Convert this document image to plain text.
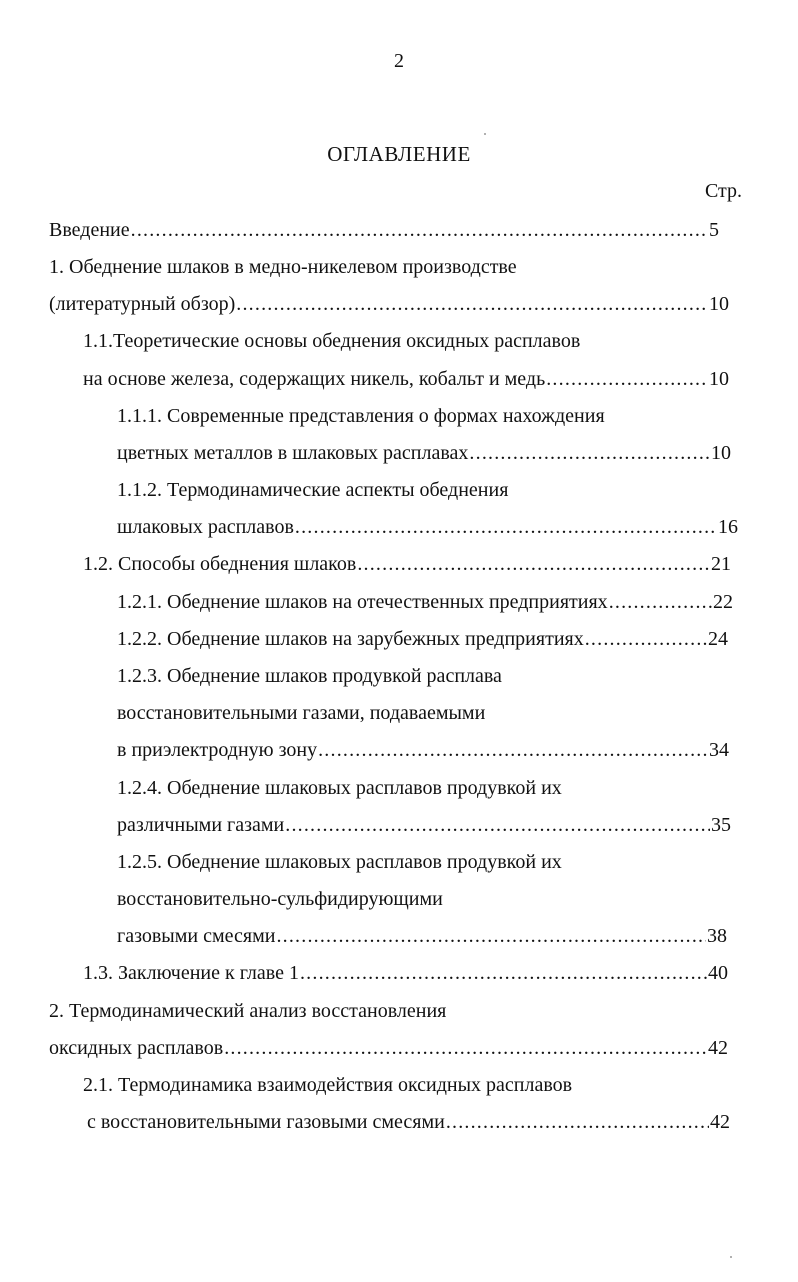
2
ОГЛАВЛЕНИЕ
Стр.
Введение .....	5
1. Обеднение шлаков в медно-никелевом производстве
(литературный обзор) .....	10
1.1.Теоретические основы обеднения оксидных расплавов
на основе железа, содержащих никель, кобальт и медь .....	10
1.1.1. Современные представления о формах нахождения
цветных металлов в шлаковых расплавах .....	10
1.1.2. Термодинамические аспекты обеднения
шлаковых расплавов .....	16
1.2. Способы обеднения шлаков .....	21
1.2.1. Обеднение шлаков на отечественных предприятиях .....	22
1.2.2. Обеднение шлаков на зарубежных предприятиях .....	24
1.2.3. Обеднение шлаков продувкой расплава
восстановительными газами, подаваемыми
в приэлектродную зону .....	34
1.2.4. Обеднение шлаковых расплавов продувкой их
различными газами .....	35
1.2.5. Обеднение шлаковых расплавов продувкой их
восстановительно-сульфидирующими
газовыми смесями .....	38
1.3. Заключение к главе 1 .....	40
2. Термодинамический анализ восстановления
оксидных расплавов .....	42
2.1. Термодинамика взаимодействия оксидных расплавов
с восстановительными газовыми смесями .....	42
